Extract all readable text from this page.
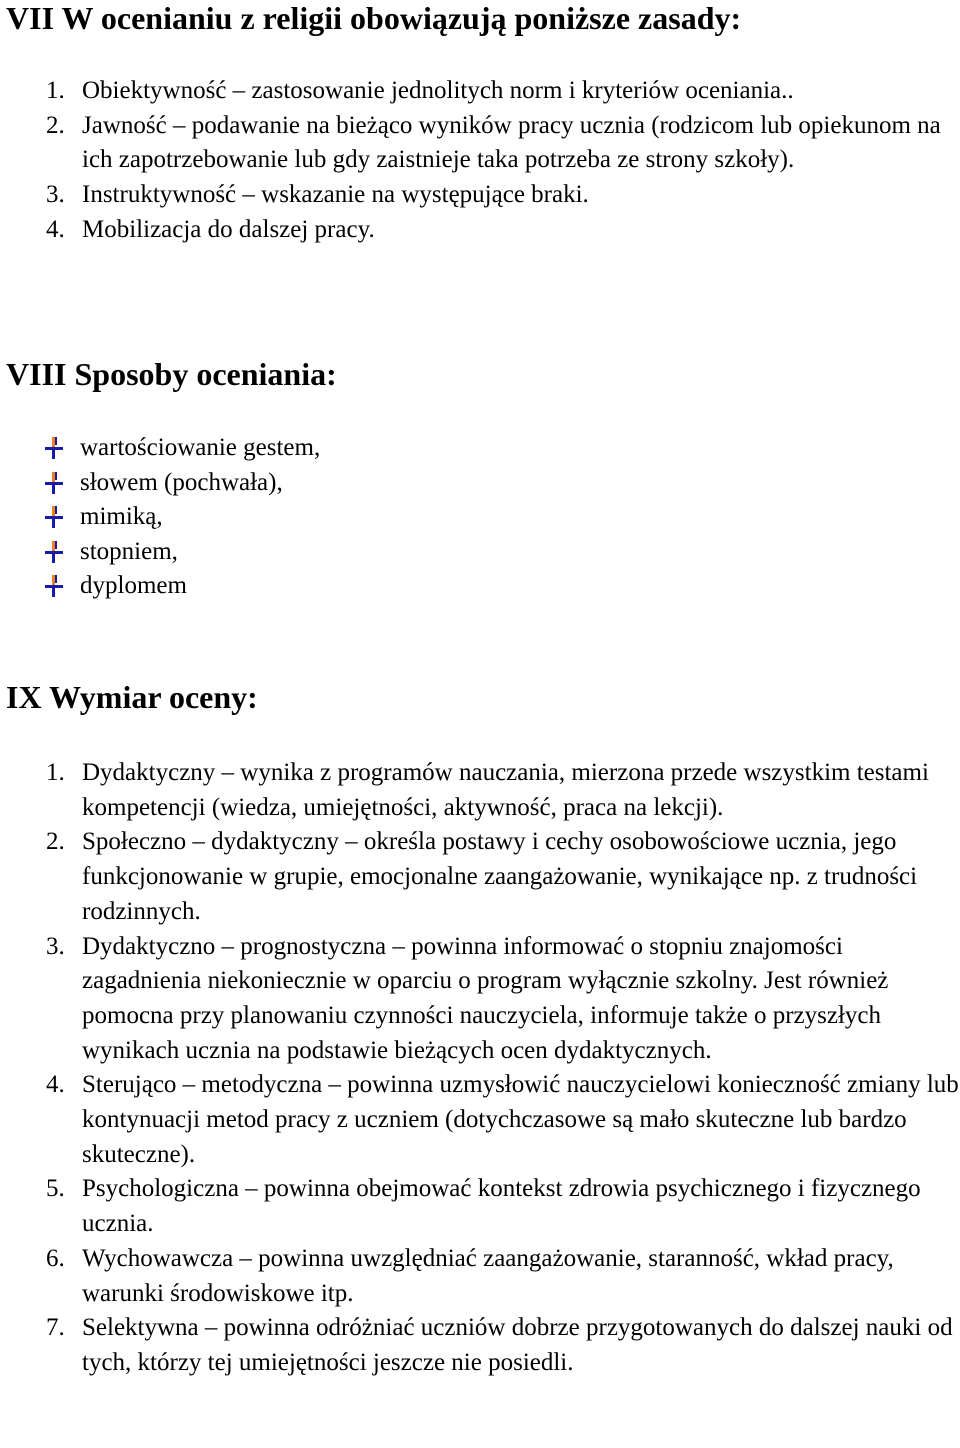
VII W ocenianiu z religii obowiązują poniższe zasady:
1. Obiektywność – zastosowanie jednolitych norm i kryteriów oceniania..
2. Jawność – podawanie na bieżąco wyników pracy ucznia (rodzicom lub opiekunom na ich zapotrzebowanie lub gdy zaistnieje taka potrzeba ze strony szkoły).
3. Instruktywność – wskazanie na występujące braki.
4. Mobilizacja do dalszej pracy.
VIII Sposoby oceniania:
wartościowanie gestem,
słowem (pochwała),
mimiką,
stopniem,
dyplomem
IX Wymiar oceny:
1. Dydaktyczny – wynika z programów nauczania, mierzona przede wszystkim testami kompetencji (wiedza, umiejętności, aktywność, praca na lekcji).
2. Społeczno – dydaktyczny – określa postawy i cechy osobowościowe ucznia, jego funkcjonowanie w grupie, emocjonalne zaangażowanie, wynikające np. z trudności rodzinnych.
3. Dydaktyczno – prognostyczna – powinna informować o stopniu znajomości zagadnienia niekoniecznie w oparciu o program wyłącznie szkolny. Jest również pomocna przy planowaniu czynności nauczyciela, informuje także o przyszłych wynikach ucznia na podstawie bieżących ocen dydaktycznych.
4. Sterująco – metodyczna – powinna uzmysłowić nauczycielowi konieczność zmiany lub kontynuacji metod pracy z uczniem (dotychczasowe są mało skuteczne lub bardzo skuteczne).
5. Psychologiczna – powinna obejmować kontekst zdrowia psychicznego i fizycznego ucznia.
6. Wychowawcza – powinna uwzględniać zaangażowanie, staranność, wkład pracy, warunki środowiskowe itp.
7. Selektywna – powinna odróżniać uczniów dobrze przygotowanych do dalszej nauki od tych, którzy tej umiejętności jeszcze nie posiedli.
